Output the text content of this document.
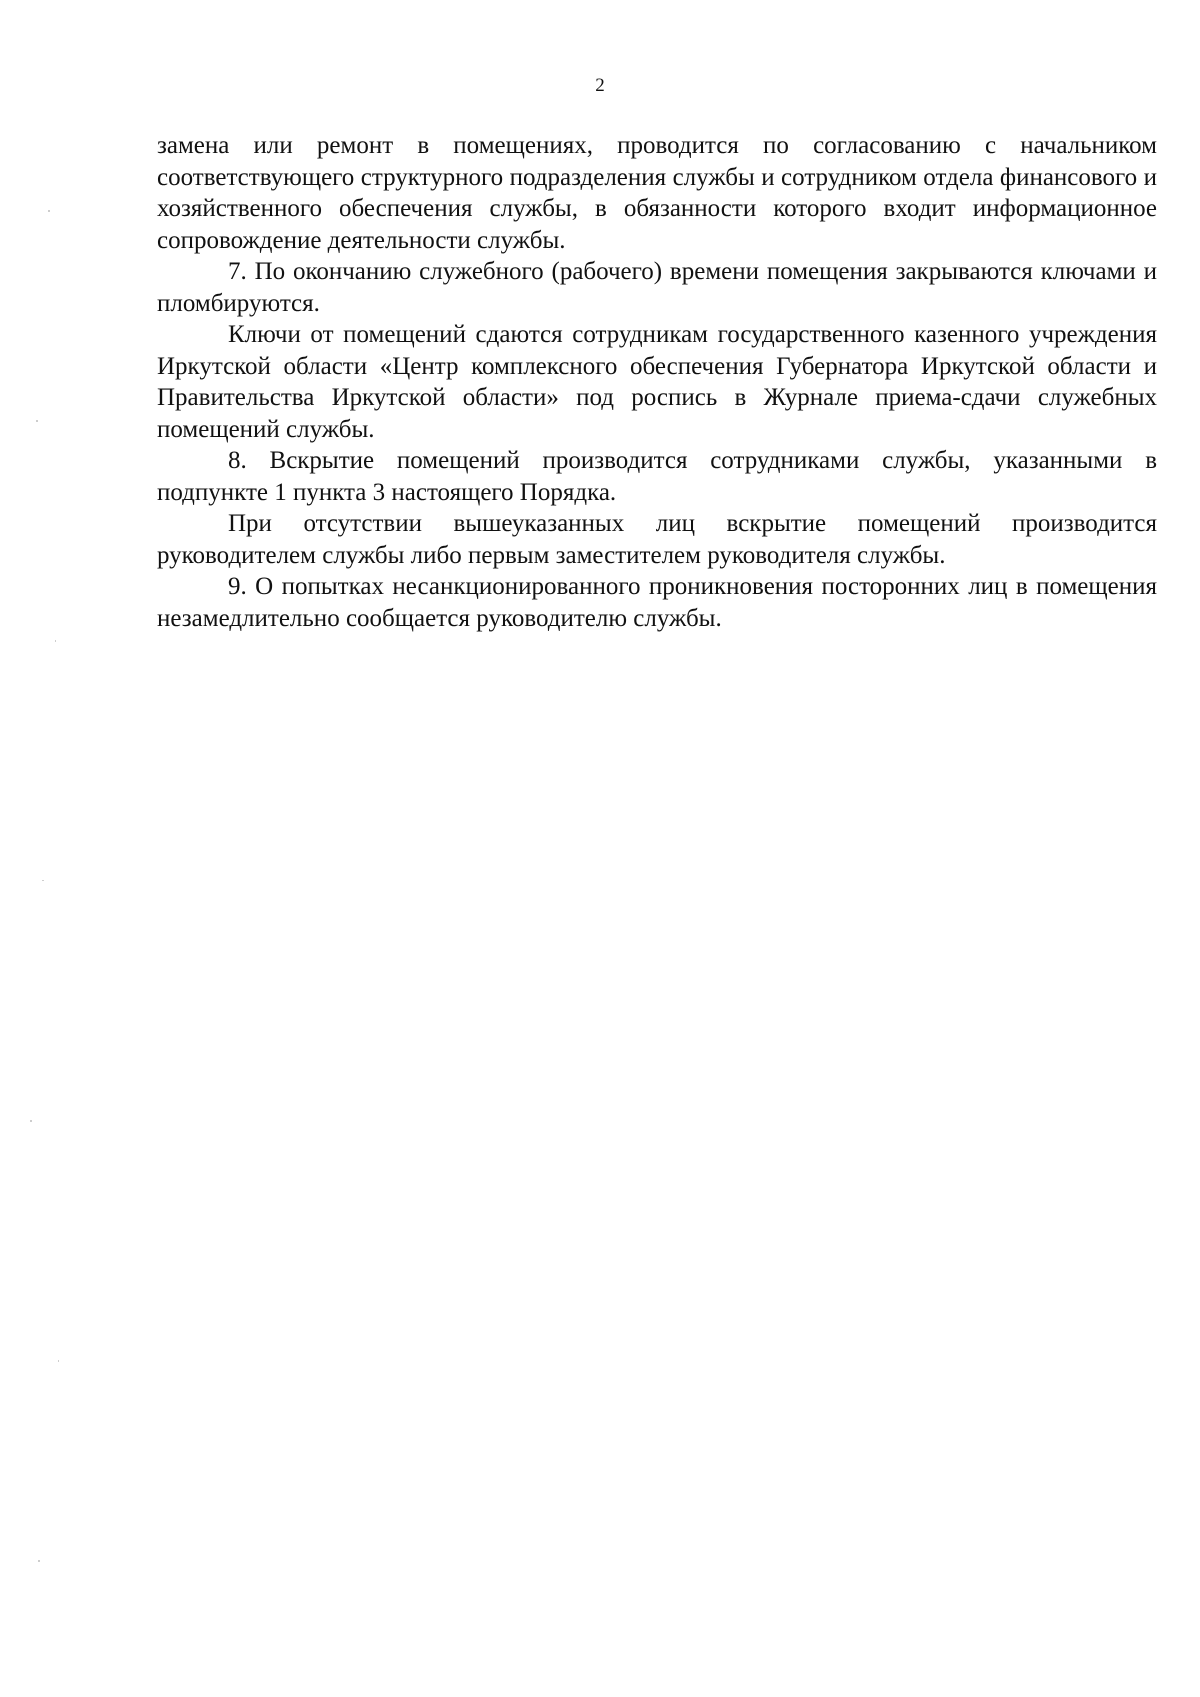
2

замена или ремонт в помещениях, проводится по согласованию с начальником соответствующего структурного подразделения службы и сотрудником отдела финансового и хозяйственного обеспечения службы, в обязанности которого входит информационное сопровождение деятельности службы.

7. По окончанию служебного (рабочего) времени помещения закрываются ключами и пломбируются.

Ключи от помещений сдаются сотрудникам государственного казенного учреждения Иркутской области «Центр комплексного обеспечения Губернатора Иркутской области и Правительства Иркутской области» под роспись в Журнале приема-сдачи служебных помещений службы.

8. Вскрытие помещений производится сотрудниками службы, указанными в подпункте 1 пункта 3 настоящего Порядка.

При отсутствии вышеуказанных лиц вскрытие помещений производится руководителем службы либо первым заместителем руководителя службы.

9. О попытках несанкционированного проникновения посторонних лиц в помещения незамедлительно сообщается руководителю службы.
